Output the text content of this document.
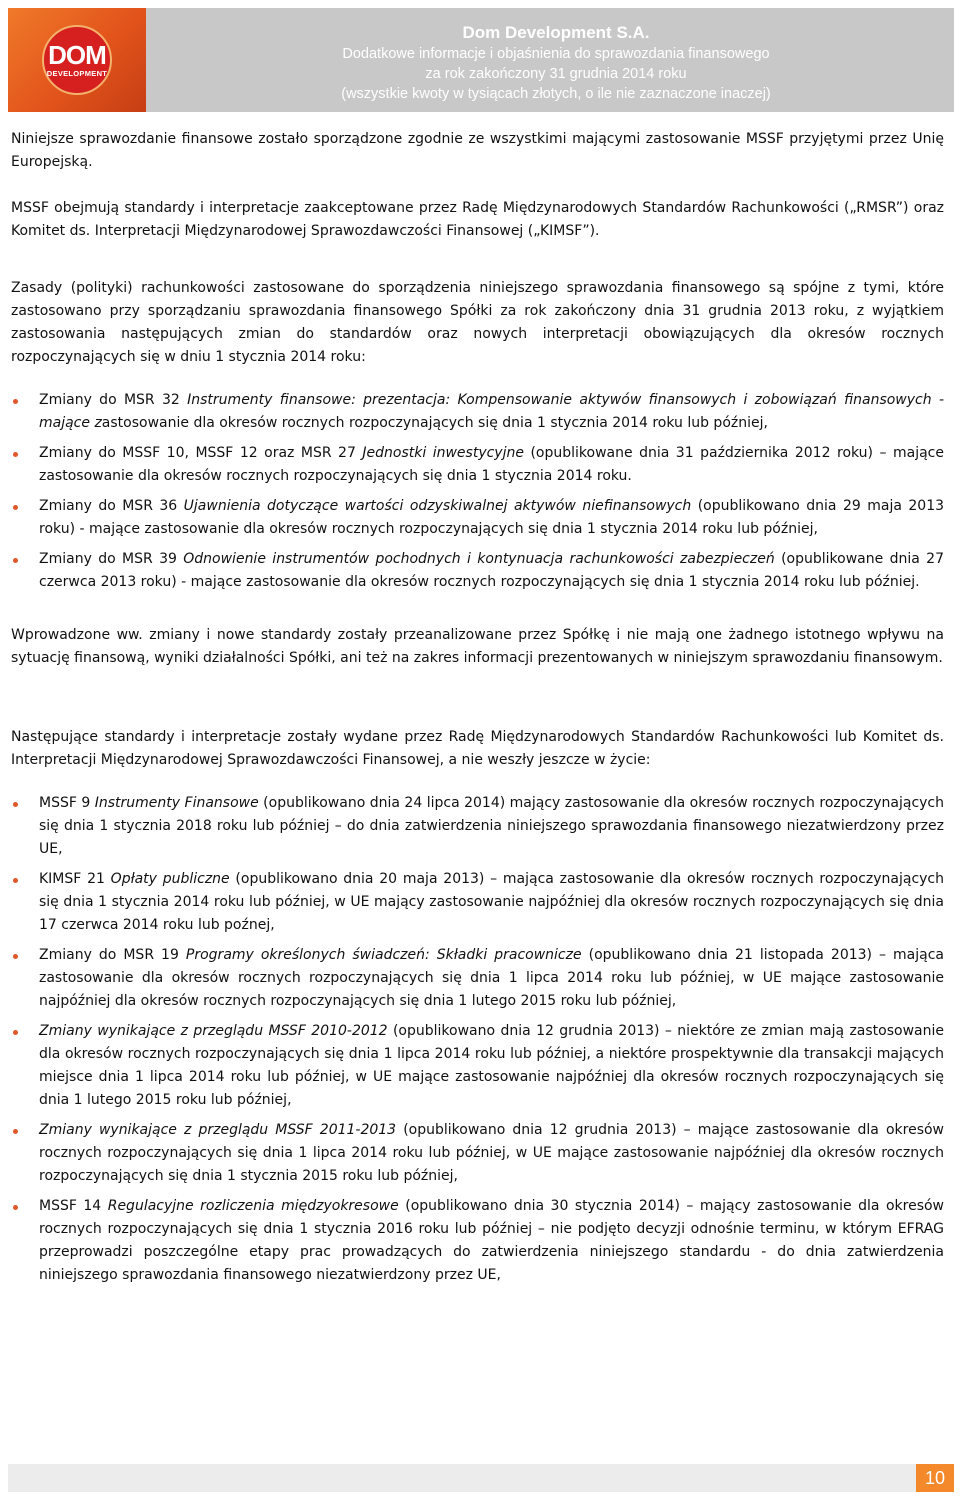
Dom Development S.A.
Dodatkowe informacje i objaśnienia do sprawozdania finansowego
za rok zakończony 31 grudnia 2014 roku
(wszystkie kwoty w tysiącach złotych, o ile nie zaznaczone inaczej)
DOM
DEVELOPMENT

Niniejsze sprawozdanie finansowe zostało sporządzone zgodnie ze wszystkimi mającymi zastosowanie MSSF przyjętymi przez Unię Europejską.

MSSF obejmują standardy i interpretacje zaakceptowane przez Radę Międzynarodowych Standardów Rachunkowości („RMSR”) oraz Komitet ds. Interpretacji Międzynarodowej Sprawozdawczości Finansowej („KIMSF”).

Zasady (polityki) rachunkowości zastosowane do sporządzenia niniejszego sprawozdania finansowego są spójne z tymi, które zastosowano przy sporządzaniu sprawozdania finansowego Spółki za rok zakończony dnia 31 grudnia 2013 roku, z wyjątkiem zastosowania następujących zmian do standardów oraz nowych interpretacji obowiązujących dla okresów rocznych rozpoczynających się w dniu 1 stycznia 2014 roku:

Zmiany do MSR 32 Instrumenty finansowe: prezentacja: Kompensowanie aktywów finansowych i zobowiązań finansowych - mające zastosowanie dla okresów rocznych rozpoczynających się dnia 1 stycznia 2014 roku lub później,
Zmiany do MSSF 10, MSSF 12 oraz MSR 27 Jednostki inwestycyjne (opublikowane dnia 31 października 2012 roku) – mające zastosowanie dla okresów rocznych rozpoczynających się dnia 1 stycznia 2014 roku.
Zmiany do MSR 36 Ujawnienia dotyczące wartości odzyskiwalnej aktywów niefinansowych (opublikowano dnia 29 maja 2013 roku) - mające zastosowanie dla okresów rocznych rozpoczynających się dnia 1 stycznia 2014 roku lub później,
Zmiany do MSR 39 Odnowienie instrumentów pochodnych i kontynuacja rachunkowości zabezpieczeń (opublikowane dnia 27 czerwca 2013 roku) - mające zastosowanie dla okresów rocznych rozpoczynających się dnia 1 stycznia 2014 roku lub później.

Wprowadzone ww. zmiany i nowe standardy zostały przeanalizowane przez Spółkę i nie mają one żadnego istotnego wpływu na sytuację finansową, wyniki działalności Spółki, ani też na zakres informacji prezentowanych w niniejszym sprawozdaniu finansowym.

Następujące standardy i interpretacje zostały wydane przez Radę Międzynarodowych Standardów Rachunkowości lub Komitet ds. Interpretacji Międzynarodowej Sprawozdawczości Finansowej, a nie weszły jeszcze w życie:

MSSF 9 Instrumenty Finansowe (opublikowano dnia 24 lipca 2014) mający zastosowanie dla okresów rocznych rozpoczynających się dnia 1 stycznia 2018 roku lub później – do dnia zatwierdzenia niniejszego sprawozdania finansowego niezatwierdzony przez UE,
KIMSF 21 Opłaty publiczne (opublikowano dnia 20 maja 2013) – mająca zastosowanie dla okresów rocznych rozpoczynających się dnia 1 stycznia 2014 roku lub później, w UE mający zastosowanie najpóźniej dla okresów rocznych rozpoczynających się dnia 17 czerwca 2014 roku lub poźnej,
Zmiany do MSR 19 Programy określonych świadczeń: Składki pracownicze (opublikowano dnia 21 listopada 2013) – mająca zastosowanie dla okresów rocznych rozpoczynających się dnia 1 lipca 2014 roku lub później, w UE mające zastosowanie najpóźniej dla okresów rocznych rozpoczynających się dnia 1 lutego 2015 roku lub później,
Zmiany wynikające z przeglądu MSSF 2010-2012 (opublikowano dnia 12 grudnia 2013) – niektóre ze zmian mają zastosowanie dla okresów rocznych rozpoczynających się dnia 1 lipca 2014 roku lub później, a niektóre prospektywnie dla transakcji mających miejsce dnia 1 lipca 2014 roku lub później, w UE mające zastosowanie najpóźniej dla okresów rocznych rozpoczynających się dnia 1 lutego 2015 roku lub później,
Zmiany wynikające z przeglądu MSSF 2011-2013 (opublikowano dnia 12 grudnia 2013) – mające zastosowanie dla okresów rocznych rozpoczynających się dnia 1 lipca 2014 roku lub później, w UE mające zastosowanie najpóźniej dla okresów rocznych rozpoczynających się dnia 1 stycznia 2015 roku lub później,
MSSF 14 Regulacyjne rozliczenia międzyokresowe (opublikowano dnia 30 stycznia 2014) – mający zastosowanie dla okresów rocznych rozpoczynających się dnia 1 stycznia 2016 roku lub później – nie podjęto decyzji odnośnie terminu, w którym EFRAG przeprowadzi poszczególne etapy prac prowadzących do zatwierdzenia niniejszego standardu - do dnia zatwierdzenia niniejszego sprawozdania finansowego niezatwierdzony przez UE,
10
